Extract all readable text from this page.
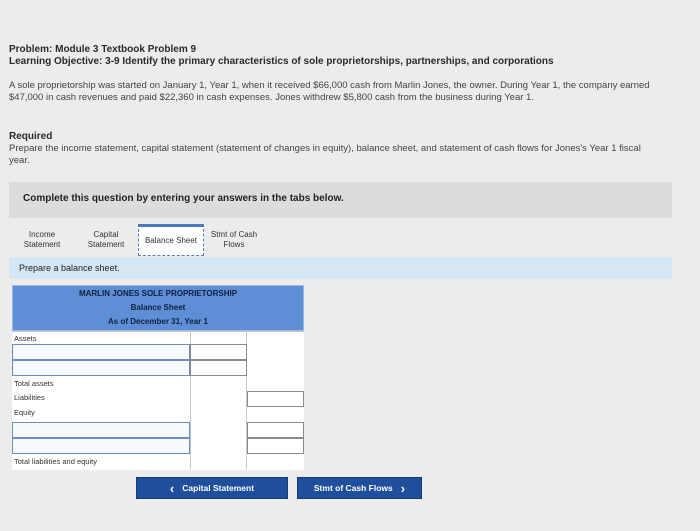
Problem: Module 3 Textbook Problem 9
Learning Objective: 3-9 Identify the primary characteristics of sole proprietorships, partnerships, and corporations
A sole proprietorship was started on January 1, Year 1, when it received $66,000 cash from Marlin Jones, the owner. During Year 1, the company earned $47,000 in cash revenues and paid $22,360 in cash expenses. Jones withdrew $5,800 cash from the business during Year 1.
Required
Prepare the income statement, capital statement (statement of changes in equity), balance sheet, and statement of cash flows for Jones's Year 1 fiscal year.
Complete this question by entering your answers in the tabs below.
Income Statement
Capital Statement	Balance Sheet
Stmt of Cash Flows
Prepare a balance sheet.
MARLIN JONES SOLE PROPRIETORSHIP
Balance Sheet
As of December 31, Year 1
Assets
Total assets
Liabilities
Equity
Total liabilities and equity
‹ Capital Statement	Stmt of Cash Flows ›
